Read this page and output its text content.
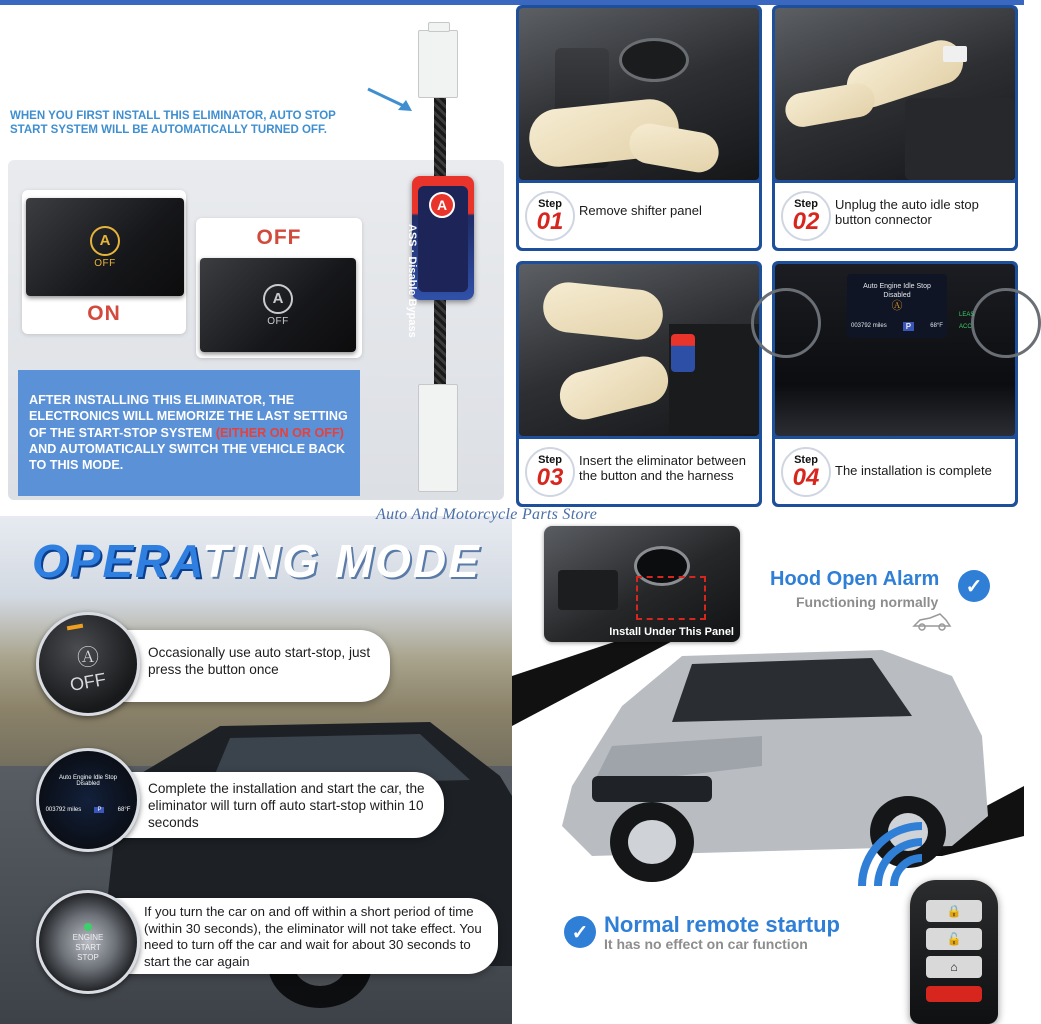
WHEN YOU FIRST INSTALL THIS ELIMINATOR, AUTO STOP START SYSTEM WILL BE AUTOMATICALLY TURNED OFF.
A
OFF
ON
OFF
A
OFF
A
ASS · Disable Bypass
AFTER INSTALLING THIS ELIMINATOR, THE ELECTRONICS WILL MEMORIZE THE LAST SETTING OF THE START-STOP SYSTEM (EITHER ON OR OFF) AND AUTOMATICALLY SWITCH THE VEHICLE BACK TO THIS MODE.
Step
01	Remove shifter panel	Step
02
Unplug the auto idle stop button connector
Step
03
Insert the eliminator between the button and the harness
Auto Engine Idle Stop
Disabled
Ⓐ
003792 miles	P	68°F
LEAS
ACC
Step
04	The installation is complete
Auto And Motorcycle Parts Store
OPERATING MODE
Occasionally use auto start-stop, just press the button once
Ⓐ
OFF
Complete the installation and start the car, the eliminator will turn off auto start-stop within 10 seconds
Auto Engine Idle Stop
Disabled
003792 miles	P	68°F
If you turn the car on and off within a short period of time (within 30 seconds), the eliminator will not take effect. You need to turn off the car and wait for about 30 seconds to start the car again
ENGINE
START
STOP
Install Under This Panel
Hood Open Alarm
Functioning normally
✓
✓ Normal remote startup
It has no effect on car function
🔒
🔓
⌂
